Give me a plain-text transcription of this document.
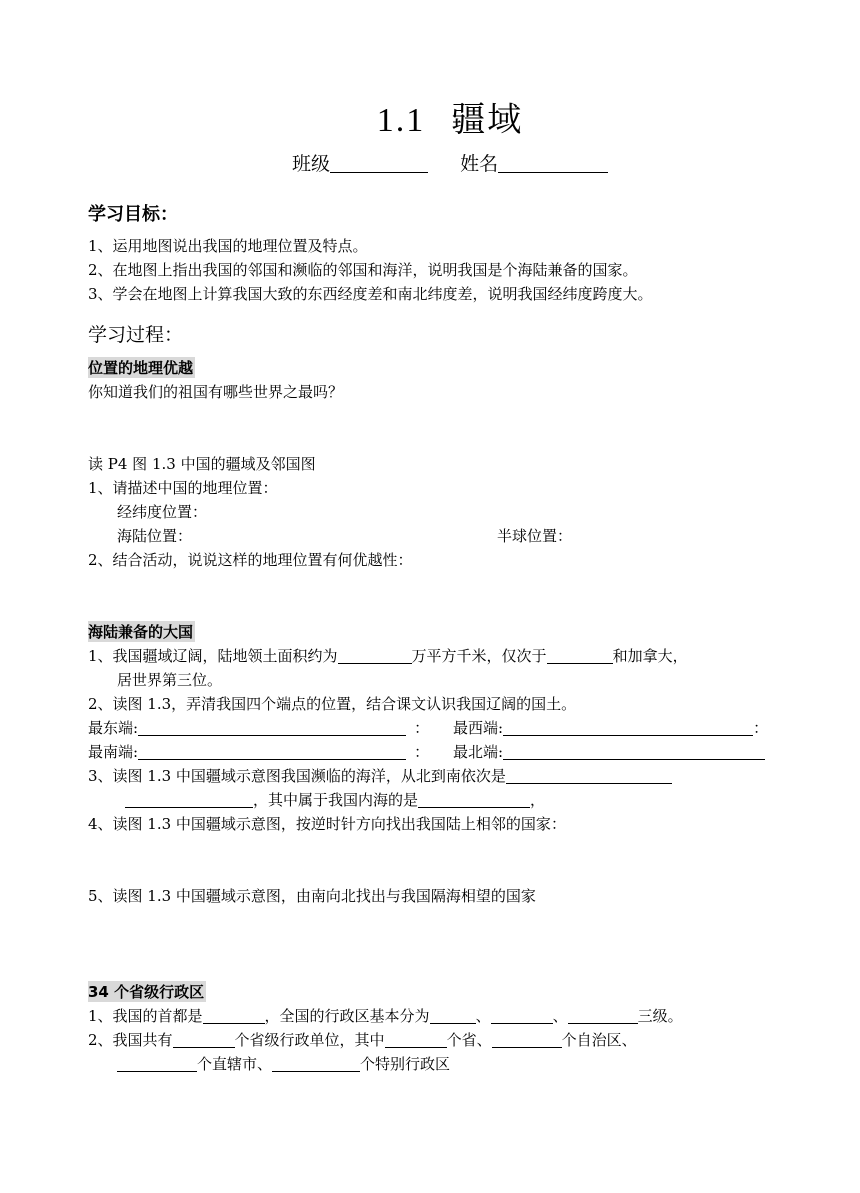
1.1 疆域
班级	姓名
学习目标：
1、运用地图说出我国的地理位置及特点。
2、在地图上指出我国的邻国和濒临的邻国和海洋，说明我国是个海陆兼备的国家。
3、学会在地图上计算我国大致的东西经度差和南北纬度差，说明我国经纬度跨度大。
学习过程：
位置的地理优越
你知道我们的祖国有哪些世界之最吗？
读 P4 图 1.3 中国的疆域及邻国图
1、请描述中国的地理位置：
经纬度位置：
海陆位置：	半球位置：
2、结合活动，说说这样的地理位置有何优越性：
海陆兼备的大国
1、我国疆域辽阔，陆地领土面积约为	万平方千米，仅次于	和加拿大，
居世界第三位。
2、读图 1.3，弄清我国四个端点的位置，结合课文认识我国辽阔的国土。
最东端:	： 最西端:	：
最南端:	： 最北端:
3、读图 1.3 中国疆域示意图我国濒临的海洋，从北到南依次是
，其中属于我国内海的是	，
4、读图 1.3 中国疆域示意图，按逆时针方向找出我国陆上相邻的国家：
5、读图 1.3 中国疆域示意图，由南向北找出与我国隔海相望的国家
34 个省级行政区
1、我国的首都是	，全国的行政区基本分为	、	、	三级。
2、我国共有	个省级行政单位，其中	个省、	个自治区、
个直辖市、	个特别行政区
